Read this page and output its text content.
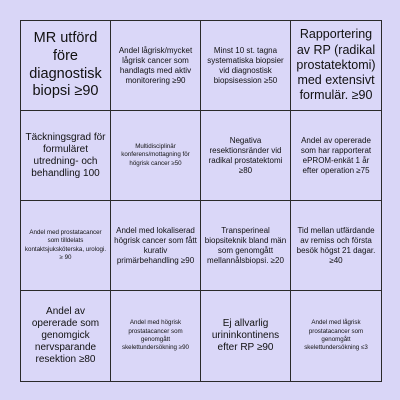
MR utförd före diagnostisk biopsi ≥90
Andel lågrisk/mycket lågrisk cancer som handlagts med aktiv monitorering ≥90
Minst 10 st. tagna systematiska biopsier vid diagnostisk biopsisession ≥50
Rapportering av RP (radikal prostatektomi) med extensivt formulär. ≥90
Täckningsgrad för formuläret utredning- och behandling 100
Multidisciplinär konferens/mottagning för högrisk cancer ≥50
Negativa resektionsränder vid radikal prostatektomi ≥80
Andel av opererade som har rapporterat ePROM-enkät 1 år efter operation ≥75
Andel med prostatacancer som tilldelats kontaktsjuksköterska, urologi. ≥ 90
Andel med lokaliserad högrisk cancer som fått kurativ primärbehandling ≥90
Transperineal biopsiteknik bland män som genomgått mellannålsbiopsi. ≥20
Tid mellan utfärdande av remiss och första besök högst 21 dagar. ≥40
Andel av opererade som genomgick nervsparande resektion ≥80
Andel med högrisk prostatacancer som genomgått skelettundersökning ≥90
Ej allvarlig urininkontinens efter RP ≥90
Andel med lågrisk prostatacancer som genomgått skelettundersökning ≤3
